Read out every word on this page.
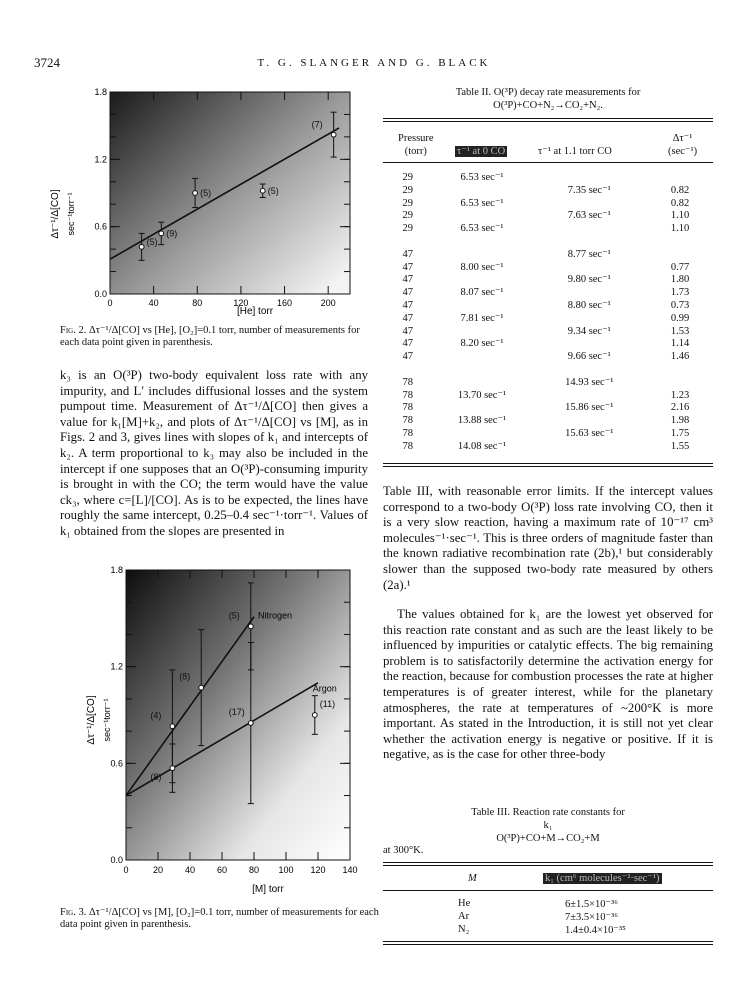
3724	T. G. SLANGER AND G. BLACK
(5)
(9)
(5)	(5)
(7)
0	40	80	120	160	200
0.0
0.6
1.2
1.8
Δτ⁻¹/Δ[CO] sec⁻¹torr⁻¹
[He] torr
Fig. 2. Δτ⁻¹/Δ[CO] vs [He], [O₂]=0.1 torr, number of measurements for each data point given in parenthesis.
k₃ is an O(³P) two-body equivalent loss rate with any impurity, and L′ includes diffusional losses and the system pumpout time. Measurement of Δτ⁻¹/Δ[CO] then gives a value for k₁[M]+k₂, and plots of Δτ⁻¹/Δ[CO] vs [M], as in Figs. 2 and 3, gives lines with slopes of k₁ and intercepts of k₂. A term proportional to k₃ may also be included in the intercept if one supposes that an O(³P)-consuming impurity is brought in with the CO; the term would have the value ck₃, where c=[L]/[CO]. As is to be expected, the lines have roughly the same intercept, 0.25–0.4 sec⁻¹·torr⁻¹. Values of k₁ obtained from the slopes are presented in
(4)
(8)
(5)
(8)
(17)
(11)
0	20 40 60 80 100 120 140
0.0
0.6
1.2
1.8
Nitrogen
Argon
Δτ⁻¹/Δ[CO] sec⁻¹torr⁻¹
[M] torr
Fig. 3. Δτ⁻¹/Δ[CO] vs [M], [O₂]=0.1 torr, number of measurements for each data point given in parenthesis.
Table II. O(³P) decay rate measurements for
O(³P)+CO+N₂→CO₂+N₂.
Pressure
(torr)	τ⁻¹ at 0 CO	τ⁻¹ at 1.1 torr CO
Δτ⁻¹
(sec⁻¹)
29	6.53 sec⁻¹		
29		7.35 sec⁻¹	0.82
29	6.53 sec⁻¹		0.82
29		7.63 sec⁻¹	1.10
29	6.53 sec⁻¹		1.10

47		8.77 sec⁻¹	
47	8.00 sec⁻¹		0.77
47		9.80 sec⁻¹	1.80
47	8.07 sec⁻¹		1.73
47		8.80 sec⁻¹	0.73
47	7.81 sec⁻¹		0.99
47		9.34 sec⁻¹	1.53
47	8.20 sec⁻¹		1.14
47		9.66 sec⁻¹	1.46

78		14.93 sec⁻¹	
78	13.70 sec⁻¹		1.23
78		15.86 sec⁻¹	2.16
78	13.88 sec⁻¹		1.98
78		15.63 sec⁻¹	1.75
78	14.08 sec⁻¹		1.55
Table III, with reasonable error limits. If the intercept values correspond to a two-body O(³P) loss rate involving CO, then it is a very slow reaction, having a maximum rate of 10⁻¹⁷ cm³ molecules⁻¹·sec⁻¹. This is three orders of magnitude faster than the known radiative recombination rate (2b),¹ but considerably slower than the supposed two-body rate measured by others (2a).¹
The values obtained for k₁ are the lowest yet observed for this reaction rate constant and as such are the least likely to be influenced by impurities or catalytic effects. The big remaining problem is to satisfactorily determine the activation energy for the reaction, because for combustion processes the rate at higher temperatures is of greater interest, while for the planetary atmospheres, the rate at temperatures of ~200°K is more important. As stated in the Introduction, it is still not yet clear whether the activation energy is negative or positive. If it is negative, as is the case for other three-body
Table III. Reaction rate constants for
k₁
O(³P)+CO+M→CO₂+M
at 300°K.
M	k₁ (cm⁶ molecules⁻²·sec⁻¹)
He	6±1.5×10⁻³⁶
Ar	7±3.5×10⁻³⁶
N₂	1.4±0.4×10⁻³⁵
